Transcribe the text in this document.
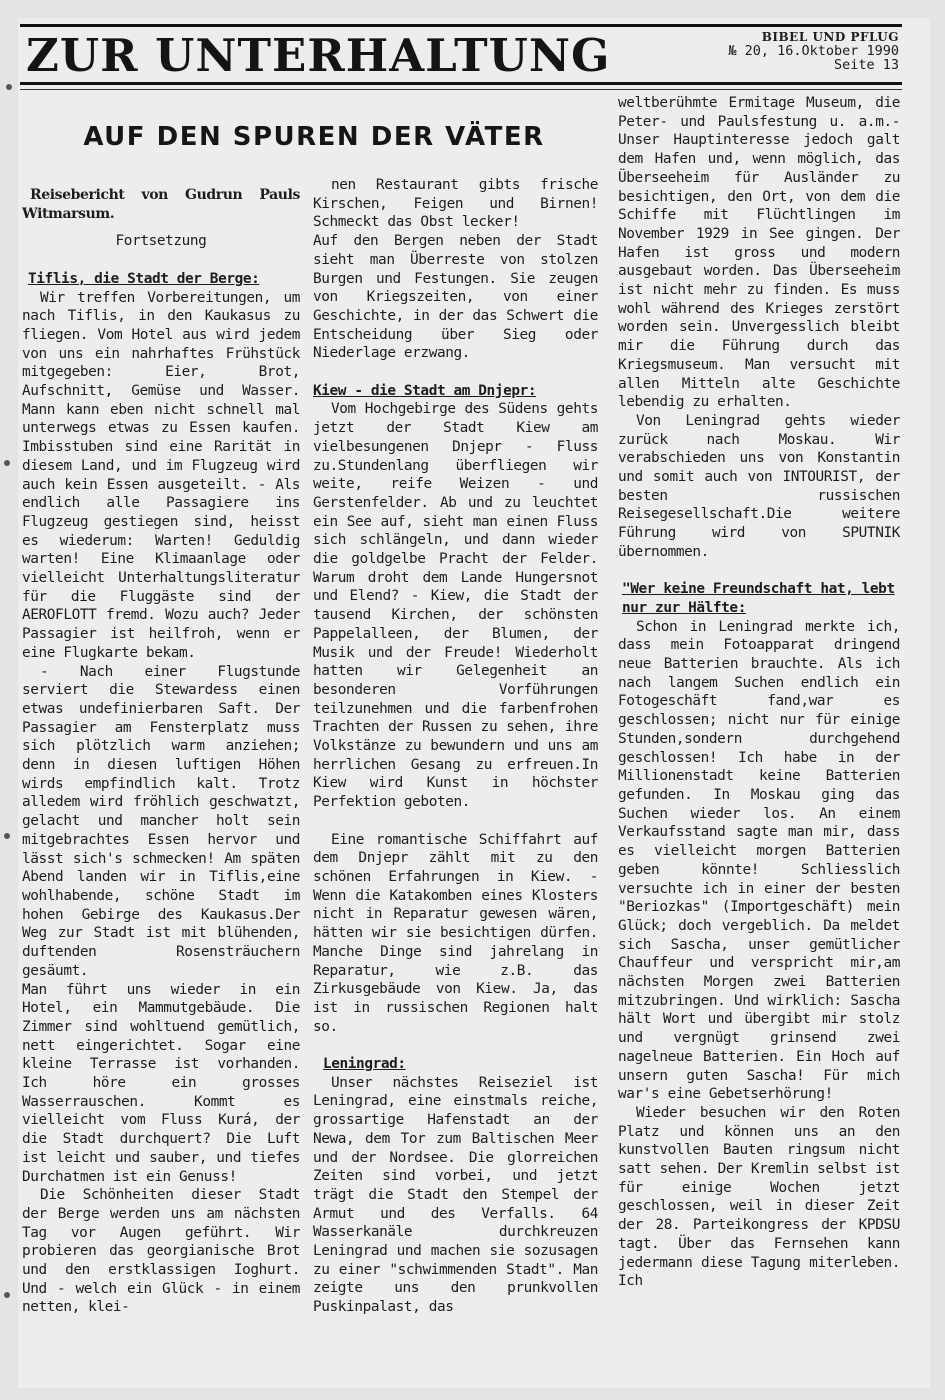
ZUR UNTERHALTUNG	BIBEL UND PFLUG
№ 20, 16.Oktober 1990
Seite 13
AUF DEN SPUREN DER VÄTER

Reisebericht von Gudrun Pauls Witmarsum.

Fortsetzung

Tiflis, die Stadt der Berge:

Wir treffen Vorbereitungen, um nach Tiflis, in den Kaukasus zu fliegen. Vom Hotel aus wird jedem von uns ein nahrhaftes Frühstück mitgegeben: Eier, Brot, Aufschnitt, Gemüse und Wasser. Mann kann eben nicht schnell mal unterwegs etwas zu Essen kaufen. Imbisstuben sind eine Rarität in diesem Land, und im Flugzeug wird auch kein Essen ausgeteilt. - Als endlich alle Passagiere ins Flugzeug gestiegen sind, heisst es wiederum: Warten! Geduldig warten! Eine Klimaanlage oder vielleicht Unterhaltungsliteratur für die Fluggäste sind der AEROFLOTT fremd. Wozu auch? Jeder Passagier ist heilfroh, wenn er eine Flugkarte bekam.

- Nach einer Flugstunde serviert die Stewardess einen etwas undefinierbaren Saft. Der Passagier am Fensterplatz muss sich plötzlich warm anziehen; denn in diesen luftigen Höhen wirds empfindlich kalt. Trotz alledem wird fröhlich geschwatzt, gelacht und mancher holt sein mitgebrachtes Essen hervor und lässt sich's schmecken! Am späten Abend landen wir in Tiflis,eine wohlhabende, schöne Stadt im hohen Gebirge des Kaukasus.Der Weg zur Stadt ist mit blühenden, duftenden Rosensträuchern gesäumt.

Man führt uns wieder in ein Hotel, ein Mammutgebäude. Die Zimmer sind wohltuend gemütlich, nett eingerichtet. Sogar eine kleine Terrasse ist vorhanden. Ich höre ein grosses Wasserrauschen. Kommt es vielleicht vom Fluss Kurá, der die Stadt durchquert? Die Luft ist leicht und sauber, und tiefes Durchatmen ist ein Genuss!

Die Schönheiten dieser Stadt der Berge werden uns am nächsten Tag vor Augen geführt. Wir probieren das georgianische Brot und den erstklassigen Ioghurt. Und - welch ein Glück - in einem netten, klei-

nen Restaurant gibts frische Kirschen, Feigen und Birnen! Schmeckt das Obst lecker!

Auf den Bergen neben der Stadt sieht man Überreste von stolzen Burgen und Festungen. Sie zeugen von Kriegszeiten, von einer Geschichte, in der das Schwert die Entscheidung über Sieg oder Niederlage erzwang.

Kiew - die Stadt am Dnjepr:

Vom Hochgebirge des Südens gehts jetzt der Stadt Kiew am vielbesungenen Dnjepr - Fluss zu.Stundenlang überfliegen wir weite, reife Weizen - und Gerstenfelder. Ab und zu leuchtet ein See auf, sieht man einen Fluss sich schlängeln, und dann wieder die goldgelbe Pracht der Felder. Warum droht dem Lande Hungersnot und Elend? - Kiew, die Stadt der tausend Kirchen, der schönsten Pappelalleen, der Blumen, der Musik und der Freude! Wiederholt hatten wir Gelegenheit an besonderen Vorführungen teilzunehmen und die farbenfrohen Trachten der Russen zu sehen, ihre Volkstänze zu bewundern und uns am herrlichen Gesang zu erfreuen.In Kiew wird Kunst in höchster Perfektion geboten.

Eine romantische Schiffahrt auf dem Dnjepr zählt mit zu den schönen Erfahrungen in Kiew. - Wenn die Katakomben eines Klosters nicht in Reparatur gewesen wären, hätten wir sie besichtigen dürfen. Manche Dinge sind jahrelang in Reparatur, wie z.B. das Zirkusgebäude von Kiew. Ja, das ist in russischen Regionen halt so.

Leningrad:

Unser nächstes Reiseziel ist Leningrad, eine einstmals reiche, grossartige Hafenstadt an der Newa, dem Tor zum Baltischen Meer und der Nordsee. Die glorreichen Zeiten sind vorbei, und jetzt trägt die Stadt den Stempel der Armut und des Verfalls. 64 Wasserkanäle durchkreuzen Leningrad und machen sie sozusagen zu einer "schwimmenden Stadt". Man zeigte uns den prunkvollen Puskinpalast, das

weltberühmte Ermitage Museum, die Peter- und Paulsfestung u. a.m.- Unser Hauptinteresse jedoch galt dem Hafen und, wenn möglich, das Überseeheim für Ausländer zu besichtigen, den Ort, von dem die Schiffe mit Flüchtlingen im November 1929 in See gingen. Der Hafen ist gross und modern ausgebaut worden. Das Überseeheim ist nicht mehr zu finden. Es muss wohl während des Krieges zerstört worden sein. Unvergesslich bleibt mir die Führung durch das Kriegsmuseum. Man versucht mit allen Mitteln alte Geschichte lebendig zu erhalten.

Von Leningrad gehts wieder zurück nach Moskau. Wir verabschieden uns von Konstantin und somit auch von INTOURIST, der besten russischen Reisegesellschaft.Die weitere Führung wird von SPUTNIK übernommen.

"Wer keine Freundschaft hat, lebt nur zur Hälfte:

Schon in Leningrad merkte ich, dass mein Fotoapparat dringend neue Batterien brauchte. Als ich nach langem Suchen endlich ein Fotogeschäft fand,war es geschlossen; nicht nur für einige Stunden,sondern durchgehend geschlossen! Ich habe in der Millionenstadt keine Batterien gefunden. In Moskau ging das Suchen wieder los. An einem Verkaufsstand sagte man mir, dass es vielleicht morgen Batterien geben könnte! Schliesslich versuchte ich in einer der besten "Beriozkas" (Importgeschäft) mein Glück; doch vergeblich. Da meldet sich Sascha, unser gemütlicher Chauffeur und verspricht mir,am nächsten Morgen zwei Batterien mitzubringen. Und wirklich: Sascha hält Wort und übergibt mir stolz und vergnügt grinsend zwei nagelneue Batterien. Ein Hoch auf unsern guten Sascha! Für mich war's eine Gebetserhörung!

Wieder besuchen wir den Roten Platz und können uns an den kunstvollen Bauten ringsum nicht satt sehen. Der Kremlin selbst ist für einige Wochen jetzt geschlossen, weil in dieser Zeit der 28. Parteikongress der KPDSU tagt. Über das Fernsehen kann jedermann diese Tagung miterleben. Ich
